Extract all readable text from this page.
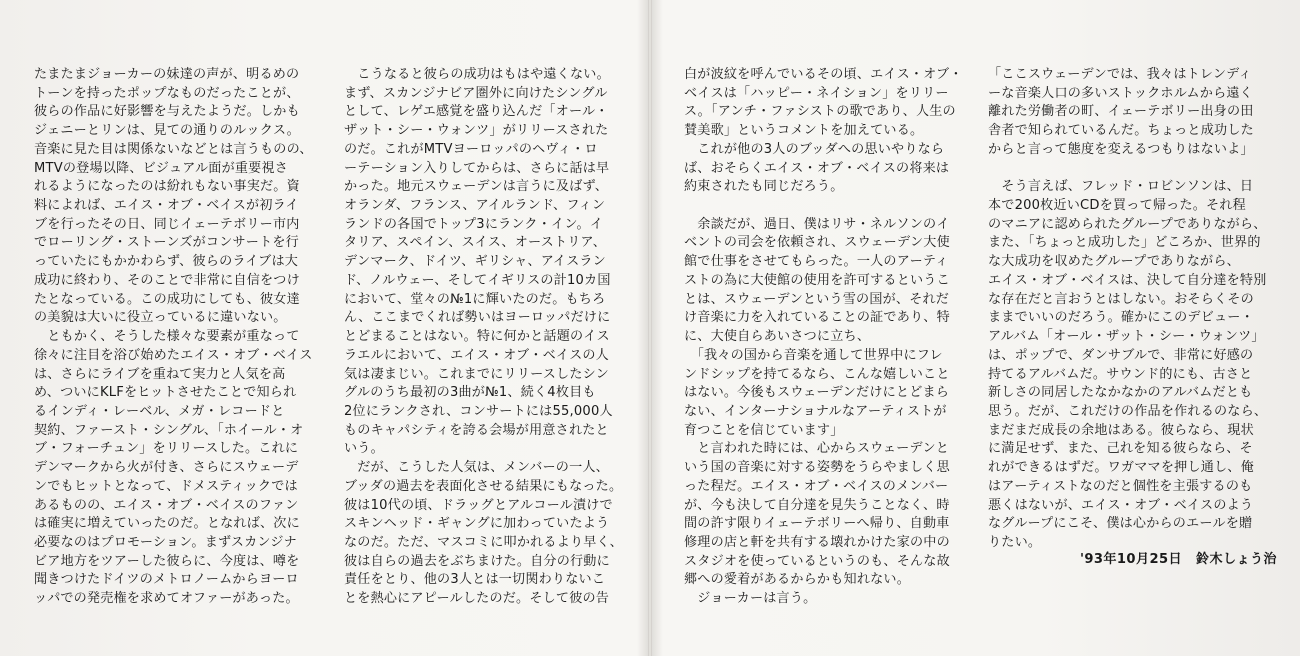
たまたまジョーカーの妹達の声が、明るめの
トーンを持ったポップなものだったことが、
彼らの作品に好影響を与えたようだ。しかも
ジェニーとリンは、見ての通りのルックス。
音楽に見た目は関係ないなどとは言うものの、
MTVの登場以降、ビジュアル面が重要視さ
れるようになったのは紛れもない事実だ。資
料によれば、エイス・オブ・ベイスが初ライ
ブを行ったその日、同じイェーテボリー市内
でローリング・ストーンズがコンサートを行
っていたにもかかわらず、彼らのライブは大
成功に終わり、そのことで非常に自信をつけ
たとなっている。この成功にしても、彼女達
の美貌は大いに役立っているに違いない。
　ともかく、そうした様々な要素が重なって
徐々に注目を浴び始めたエイス・オブ・ベイス
は、さらにライブを重ねて実力と人気を高
め、ついにKLFをヒットさせたことで知られ
るインディ・レーベル、メガ・レコードと
契約、ファースト・シングル、「ホイール・オ
ブ・フォーチュン」をリリースした。これに
デンマークから火が付き、さらにスウェーデ
ンでもヒットとなって、ドメスティックでは
あるものの、エイス・オブ・ベイスのファン
は確実に増えていったのだ。となれば、次に
必要なのはプロモーション。まずスカンジナ
ビア地方をツアーした彼らに、今度は、噂を
聞きつけたドイツのメトロノームからヨーロ
ッパでの発売権を求めてオファーがあった。
　こうなると彼らの成功はもはや遠くない。
まず、スカンジナビア圏外に向けたシングル
として、レゲエ感覚を盛り込んだ「オール・
ザット・シー・ウォンツ」がリリースされた
のだ。これがMTVヨーロッパのヘヴィ・ロ
ーテーション入りしてからは、さらに話は早
かった。地元スウェーデンは言うに及ばず、
オランダ、フランス、アイルランド、フィン
ランドの各国でトップ3にランク・イン。イ
タリア、スペイン、スイス、オーストリア、
デンマーク、ドイツ、ギリシャ、アイスラン
ド、ノルウェー、そしてイギリスの計10カ国
において、堂々の№1に輝いたのだ。もちろ
ん、ここまでくれば勢いはヨーロッパだけに
とどまることはない。特に何かと話題のイス
ラエルにおいて、エイス・オブ・ベイスの人
気は凄まじい。これまでにリリースしたシン
グルのうち最初の3曲が№1、続く4枚目も
2位にランクされ、コンサートには55,000人
ものキャパシティを誇る会場が用意されたと
いう。
　だが、こうした人気は、メンバーの一人、
ブッダの過去を表面化させる結果にもなった。
彼は10代の頃、ドラッグとアルコール漬けで
スキンヘッド・ギャングに加わっていたよう
なのだ。ただ、マスコミに叩かれるより早く、
彼は自らの過去をぶちまけた。自分の行動に
責任をとり、他の3人とは一切関わりないこ
とを熱心にアピールしたのだ。そして彼の告
白が波紋を呼んでいるその頃、エイス・オブ・
ベイスは「ハッピー・ネイション」をリリー
ス。「アンチ・ファシストの歌であり、人生の
賛美歌」というコメントを加えている。
　これが他の3人のブッダへの思いやりなら
ば、おそらくエイス・オブ・ベイスの将来は
約束されたも同じだろう。
　余談だが、過日、僕はリサ・ネルソンのイ
ベントの司会を依頼され、スウェーデン大使
館で仕事をさせてもらった。一人のアーティ
ストの為に大使館の使用を許可するというこ
とは、スウェーデンという雪の国が、それだ
け音楽に力を入れていることの証であり、特
に、大使自らあいさつに立ち、
　「我々の国から音楽を通して世界中にフレ
ンドシップを持てるなら、こんな嬉しいこと
はない。今後もスウェーデンだけにとどまら
ない、インターナショナルなアーティストが
育つことを信じています」
　と言われた時には、心からスウェーデンと
いう国の音楽に対する姿勢をうらやましく思
った程だ。エイス・オブ・ベイスのメンバー
が、今も決して自分達を見失うことなく、時
間の許す限りイェーテボリーへ帰り、自動車
修理の店と軒を共有する壊れかけた家の中の
スタジオを使っているというのも、そんな故
郷への愛着があるからかも知れない。
　ジョーカーは言う。
「ここスウェーデンでは、我々はトレンディ
ーな音楽人口の多いストックホルムから遠く
離れた労働者の町、イェーテボリー出身の田
舎者で知られているんだ。ちょっと成功した
からと言って態度を変えるつもりはないよ」
　そう言えば、フレッド・ロビンソンは、日
本で200枚近いCDを買って帰った。それ程
のマニアに認められたグループでありながら、
また、「ちょっと成功した」どころか、世界的
な大成功を収めたグループでありながら、
エイス・オブ・ベイスは、決して自分達を特別
な存在だと言おうとはしない。おそらくその
ままでいいのだろう。確かにこのデビュー・
アルバム「オール・ザット・シー・ウォンツ」
は、ポップで、ダンサブルで、非常に好感の
持てるアルバムだ。サウンド的にも、古さと
新しさの同居したなかなかのアルバムだとも
思う。だが、これだけの作品を作れるのなら、
まだまだ成長の余地はある。彼らなら、現状
に満足せず、また、己れを知る彼らなら、そ
れができるはずだ。ワガママを押し通し、俺
はアーティストなのだと個性を主張するのも
悪くはないが、エイス・オブ・ベイスのよう
なグループにこそ、僕は心からのエールを贈
りたい。
'93年10月25日 鈴木しょう治
